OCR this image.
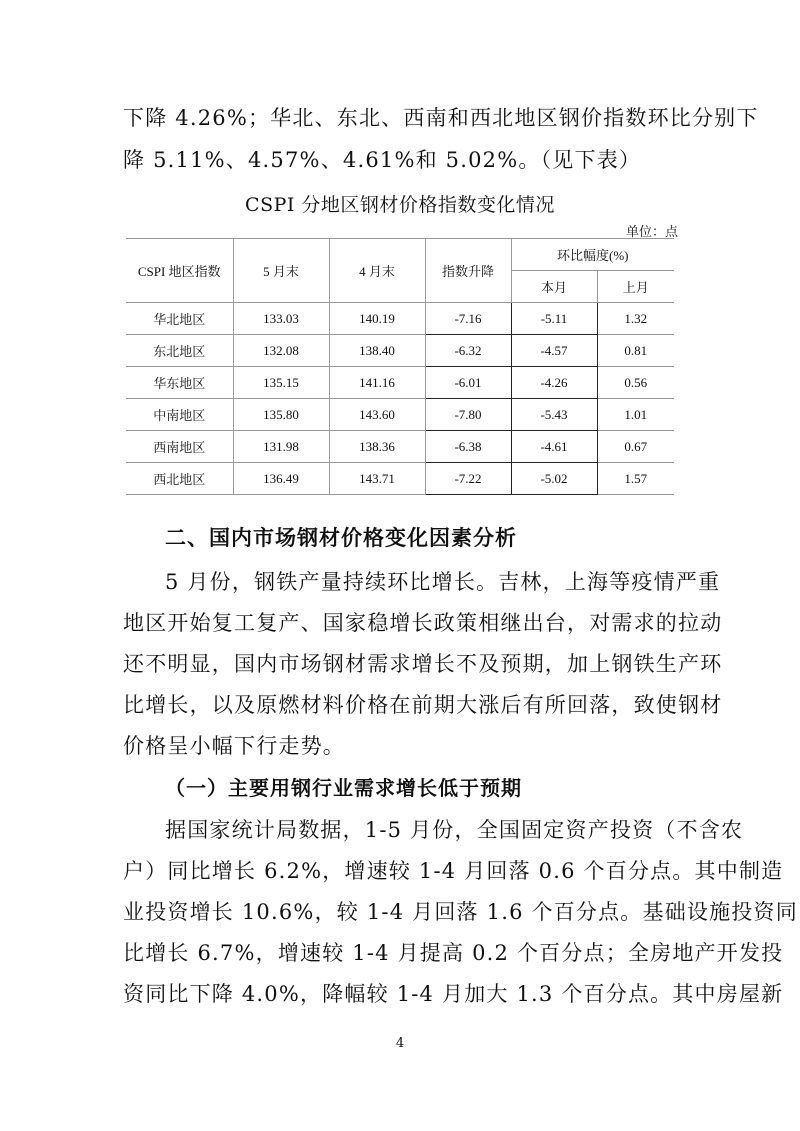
下降 4.26%；华北、东北、西南和西北地区钢价指数环比分别下
降 5.11%、4.57%、4.61%和 5.02%。（见下表）
CSPI 分地区钢材价格指数变化情况
单位：点
CSPI 地区指数	5 月末	4 月末	指数升降	环比幅度(%)	
				本月	上月
华北地区	133.03	140.19	-7.16	-5.11	1.32
东北地区	132.08	138.40	-6.32	-4.57	0.81
华东地区	135.15	141.16	-6.01	-4.26	0.56
中南地区	135.80	143.60	-7.80	-5.43	1.01
西南地区	131.98	138.36	-6.38	-4.61	0.67
西北地区	136.49	143.71	-7.22	-5.02	1.57
二、国内市场钢材价格变化因素分析
5 月份，钢铁产量持续环比增长。吉林，上海等疫情严重
地区开始复工复产、国家稳增长政策相继出台，对需求的拉动
还不明显，国内市场钢材需求增长不及预期，加上钢铁生产环
比增长，以及原燃材料价格在前期大涨后有所回落，致使钢材
价格呈小幅下行走势。
（一）主要用钢行业需求增长低于预期
据国家统计局数据，1-5 月份，全国固定资产投资（不含农
户）同比增长 6.2%，增速较 1-4 月回落 0.6 个百分点。其中制造
业投资增长 10.6%，较 1-4 月回落 1.6 个百分点。基础设施投资同
比增长 6.7%，增速较 1-4 月提高 0.2 个百分点；全房地产开发投
资同比下降 4.0%，降幅较 1-4 月加大 1.3 个百分点。其中房屋新
4
